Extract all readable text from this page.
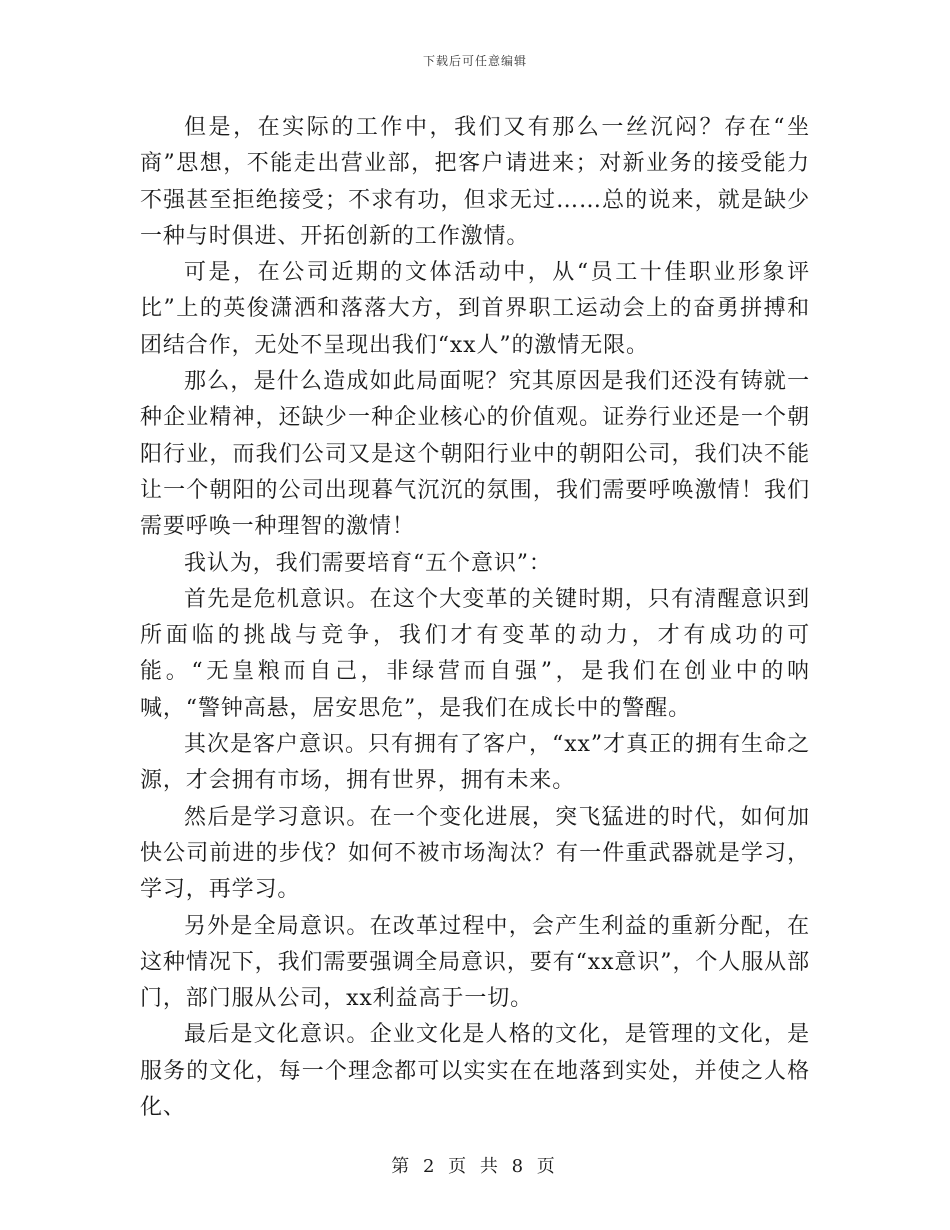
下载后可任意编辑

但是，在实际的工作中，我们又有那么一丝沉闷？存在“坐商”思想，不能走出营业部，把客户请进来；对新业务的接受能力不强甚至拒绝接受；不求有功，但求无过……总的说来，就是缺少一种与时俱进、开拓创新的工作激情。

可是，在公司近期的文体活动中，从“员工十佳职业形象评比”上的英俊潇洒和落落大方，到首界职工运动会上的奋勇拼搏和团结合作，无处不呈现出我们“xx人”的激情无限。

那么，是什么造成如此局面呢？究其原因是我们还没有铸就一种企业精神，还缺少一种企业核心的价值观。证券行业还是一个朝阳行业，而我们公司又是这个朝阳行业中的朝阳公司，我们决不能让一个朝阳的公司出现暮气沉沉的氛围，我们需要呼唤激情！我们需要呼唤一种理智的激情！

我认为，我们需要培育“五个意识”：

首先是危机意识。在这个大变革的关键时期，只有清醒意识到所面临的挑战与竞争，我们才有变革的动力，才有成功的可能。“无皇粮而自己，非绿营而自强”，是我们在创业中的呐喊，“警钟高悬，居安思危”，是我们在成长中的警醒。

其次是客户意识。只有拥有了客户，“xx”才真正的拥有生命之源，才会拥有市场，拥有世界，拥有未来。

然后是学习意识。在一个变化进展，突飞猛进的时代，如何加快公司前进的步伐？如何不被市场淘汰？有一件重武器就是学习，学习，再学习。

另外是全局意识。在改革过程中，会产生利益的重新分配，在这种情况下，我们需要强调全局意识，要有“xx意识”，个人服从部门，部门服从公司，xx利益高于一切。

最后是文化意识。企业文化是人格的文化，是管理的文化，是服务的文化，每一个理念都可以实实在在地落到实处，并使之人格化、

第 2 页 共 8 页
